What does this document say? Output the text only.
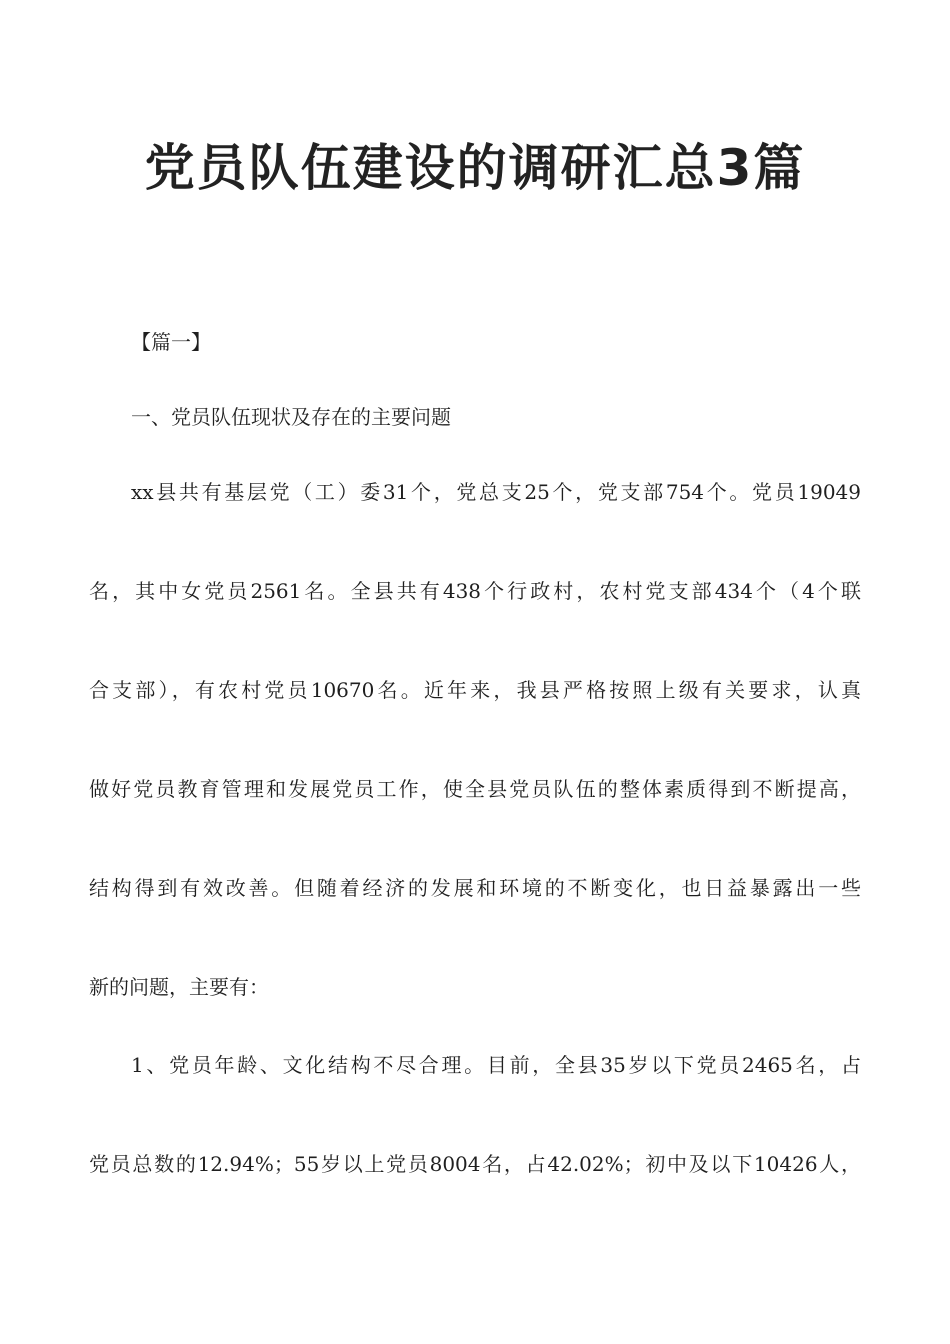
党员队伍建设的调研汇总3篇
【篇一】
一、党员队伍现状及存在的主要问题
xx县共有基层党（工）委31个，党总支25个，党支部754个。党员19049
名，其中女党员2561名。全县共有438个行政村，农村党支部434个（4个联
合支部），有农村党员10670名。近年来，我县严格按照上级有关要求，认真
做好党员教育管理和发展党员工作，使全县党员队伍的整体素质得到不断提高，
结构得到有效改善。但随着经济的发展和环境的不断变化，也日益暴露出一些
新的问题，主要有：
1、党员年龄、文化结构不尽合理。目前，全县35岁以下党员2465名，占
党员总数的12.94%；55岁以上党员8004名，占42.02%；初中及以下10426人，
